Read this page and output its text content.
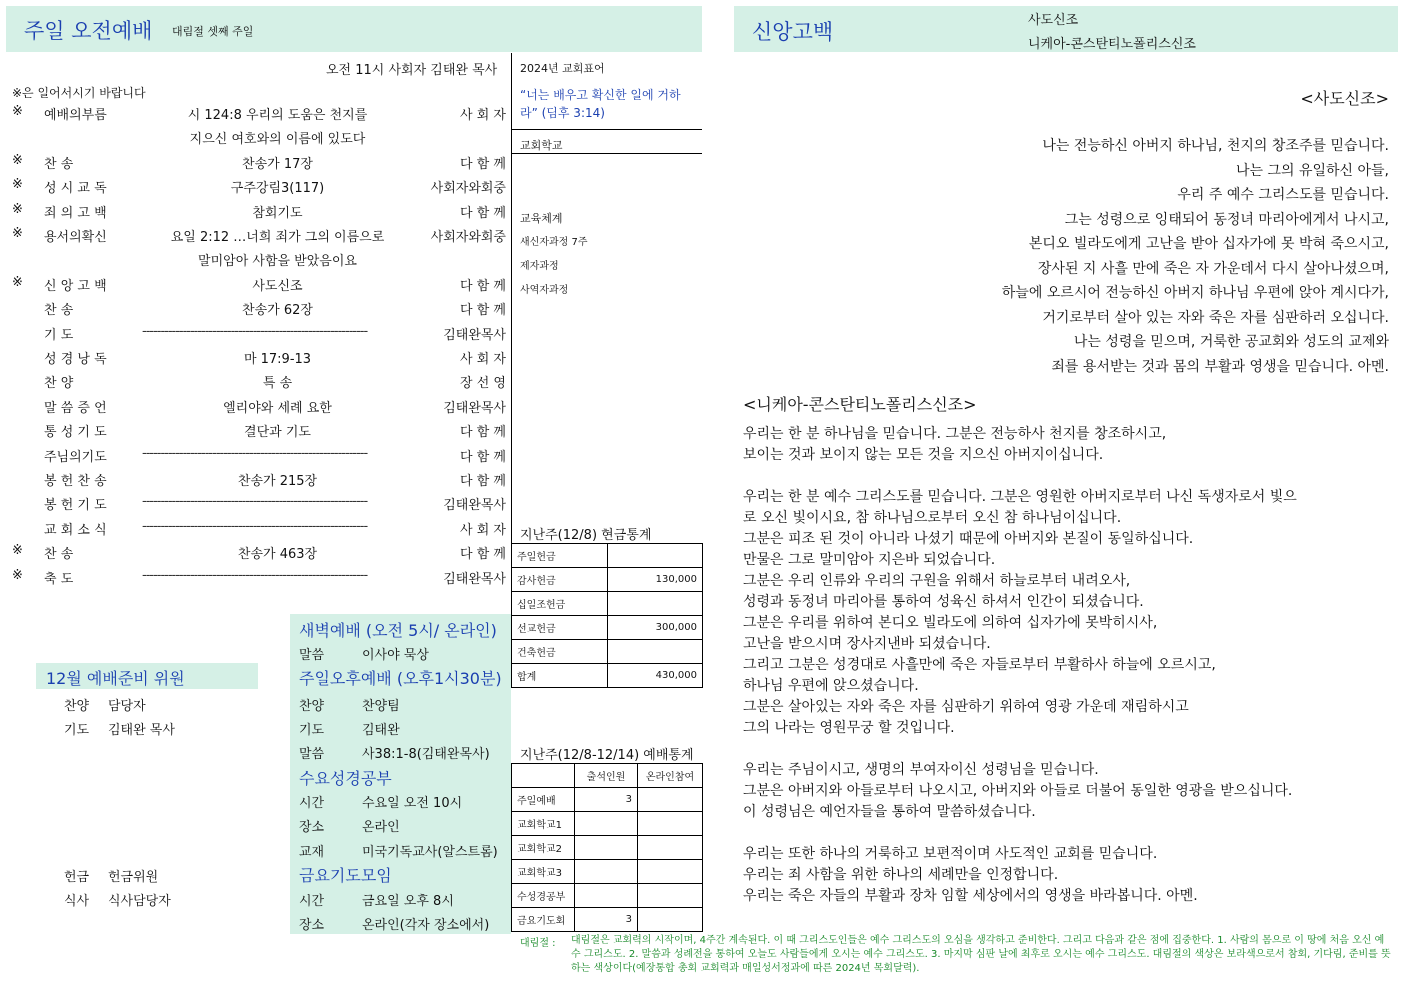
주일 오전예배 대림절 셋째 주일	신앙고백	사도신조
니케아-콘스탄티노폴리스신조
오전 11시 사회자 김태완 목사
※은 일어서시기 바랍니다
※ 예배의부름	시 124:8 우리의 도움은 천지를	사 회 자
지으신 여호와의 이름에 있도다
※ 찬 송	찬송가 17장	다 함 께
※ 성 시 교 독	구주강림3(117)	사회자와회중
※ 죄 의 고 백	참회기도	다 함 께
※ 용서의확신	요일 2:12 …너희 죄가 그의 이름으로	사회자와회중
말미암아 사함을 받았음이요
※ 신 앙 고 백	사도신조	다 함 께
찬 송	찬송가 62장	다 함 께
기 도	-------------------------------------------------------------	김태완목사
성 경 낭 독	마 17:9-13	사 회 자
찬 양	특 송	장 선 영
말 씀 증 언	엘리야와 세례 요한	김태완목사
통 성 기 도	결단과 기도	다 함 께
주님의기도	-------------------------------------------------------------	다 함 께
봉 헌 찬 송	찬송가 215장	다 함 께
봉 헌 기 도	-------------------------------------------------------------	김태완목사
교 회 소 식	-------------------------------------------------------------	사 회 자
※ 찬 송	찬송가 463장	다 함 께
※ 축 도	-------------------------------------------------------------	김태완목사
2024년 교회표어
“너는 배우고 확신한 일에 거하라” (딤후 3:14)
교회학교
교육체계
새신자과정 7주
제자과정
사역자과정
지난주(12/8) 현금통계
주일헌금	
감사헌금	130,000
십일조헌금	
선교헌금	300,000
건축헌금	
합계	430,000
지난주(12/8-12/14) 예배통계
	출석인원	온라인참여
주일예배	3	
교회학교1		
교회학교2		
교회학교3		
수성경공부		
금요기도회	3	
12월 예배준비 위원
찬양 담당자
기도 김태완 목사
헌금 헌금위원
식사 식사담당자
새벽예배 (오전 5시/ 온라인)
말씀	이사야 묵상
주일오후예배 (오후1시30분)
찬양	찬양팀
기도	김태완
말씀	사38:1-8(김태완목사)
수요성경공부
시간	수요일 오전 10시
장소	온라인
교재	미국기독교사(알스트롬)
금요기도모임
시간	금요일 오후 8시
장소	온라인(각자 장소에서)
<사도신조>
나는 전능하신 아버지 하나님, 천지의 창조주를 믿습니다.
나는 그의 유일하신 아들,
우리 주 예수 그리스도를 믿습니다.
그는 성령으로 잉태되어 동정녀 마리아에게서 나시고,
본디오 빌라도에게 고난을 받아 십자가에 못 박혀 죽으시고,
장사된 지 사흘 만에 죽은 자 가운데서 다시 살아나셨으며,
하늘에 오르시어 전능하신 아버지 하나님 우편에 앉아 계시다가,
거기로부터 살아 있는 자와 죽은 자를 심판하러 오십니다.
나는 성령을 믿으며, 거룩한 공교회와 성도의 교제와
죄를 용서받는 것과 몸의 부활과 영생을 믿습니다. 아멘.
<니케아-콘스탄티노폴리스신조>

우리는 한 분 하나님을 믿습니다. 그분은 전능하사 천지를 창조하시고,

보이는 것과 보이지 않는 모든 것을 지으신 아버지이십니다.

우리는 한 분 예수 그리스도를 믿습니다. 그분은 영원한 아버지로부터 나신 독생자로서 빛으

로 오신 빛이시요, 참 하나님으로부터 오신 참 하나님이십니다.

그분은 피조 된 것이 아니라 나셨기 때문에 아버지와 본질이 동일하십니다.

만물은 그로 말미암아 지은바 되었습니다.

그분은 우리 인류와 우리의 구원을 위해서 하늘로부터 내려오사,

성령과 동정녀 마리아를 통하여 성육신 하셔서 인간이 되셨습니다.

그분은 우리를 위하여 본디오 빌라도에 의하여 십자가에 못박히시사,

고난을 받으시며 장사지낸바 되셨습니다.

그리고 그분은 성경대로 사흘만에 죽은 자들로부터 부활하사 하늘에 오르시고,

하나님 우편에 앉으셨습니다.

그분은 살아있는 자와 죽은 자를 심판하기 위하여 영광 가운데 재림하시고

그의 나라는 영원무궁 할 것입니다.

우리는 주님이시고, 생명의 부여자이신 성령님을 믿습니다.

그분은 아버지와 아들로부터 나오시고, 아버지와 아들로 더불어 동일한 영광을 받으십니다.

이 성령님은 예언자들을 통하여 말씀하셨습니다.

우리는 또한 하나의 거룩하고 보편적이며 사도적인 교회를 믿습니다.

우리는 죄 사함을 위한 하나의 세례만을 인정합니다.

우리는 죽은 자들의 부활과 장차 임할 세상에서의 영생을 바라봅니다. 아멘.

대림절 : 대림절은 교회력의 시작이며, 4주간 계속된다. 이 때 그리스도인들은 예수 그리스도의 오심을 생각하고 준비한다. 그리고 다음과 같은 점에 집중한다. 1. 사람의 몸으로 이 땅에 처음 오신 예수 그리스도. 2. 말씀과 성례전을 통하여 오늘도 사람들에게 오시는 예수 그리스도. 3. 마지막 심판 날에 최후로 오시는 예수 그리스도. 대림절의 색상은 보라색으로서 참회, 기다림, 준비를 뜻하는 색상이다(예장통합 총회 교회력과 매일성서정과에 따른 2024년 목회달력).
